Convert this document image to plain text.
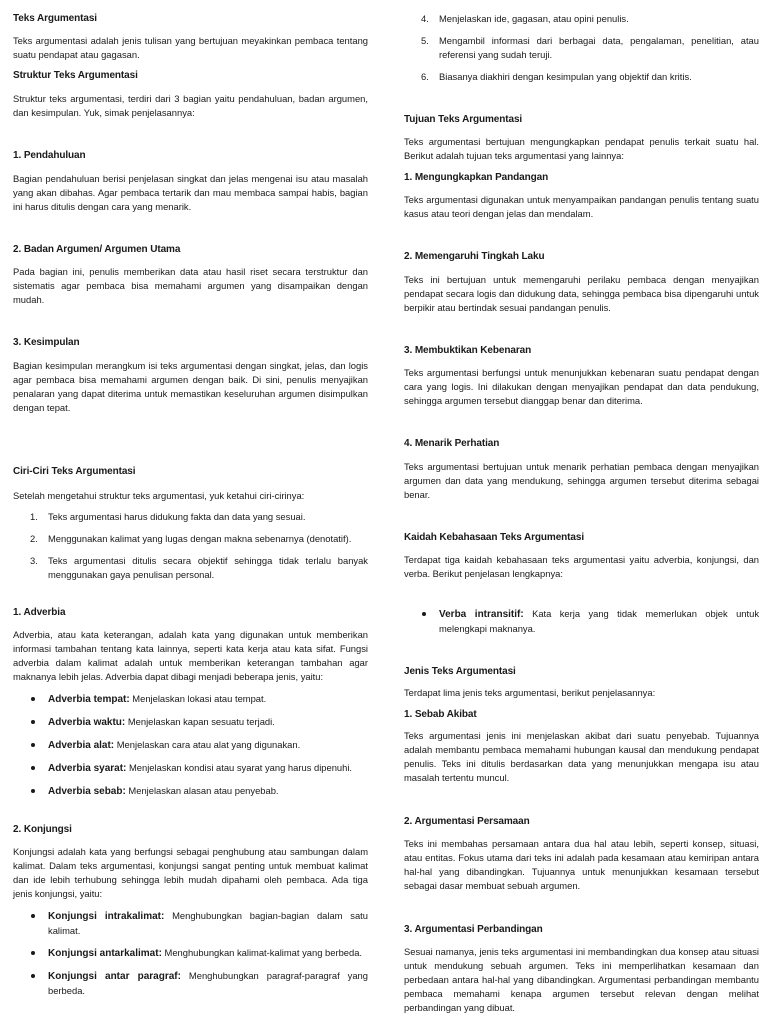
Teks Argumentasi

Teks argumentasi adalah jenis tulisan yang bertujuan meyakinkan pembaca tentang suatu pendapat atau gagasan.

Struktur Teks Argumentasi

Struktur teks argumentasi, terdiri dari 3 bagian yaitu pendahuluan, badan argumen, dan kesimpulan. Yuk, simak penjelasannya:

1. Pendahuluan

Bagian pendahuluan berisi penjelasan singkat dan jelas mengenai isu atau masalah yang akan dibahas. Agar pembaca tertarik dan mau membaca sampai habis, bagian ini harus ditulis dengan cara yang menarik.

2. Badan Argumen/ Argumen Utama

Pada bagian ini, penulis memberikan data atau hasil riset secara terstruktur dan sistematis agar pembaca bisa memahami argumen yang disampaikan dengan mudah.

3. Kesimpulan

Bagian kesimpulan merangkum isi teks argumentasi dengan singkat, jelas, dan logis agar pembaca bisa memahami argumen dengan baik. Di sini, penulis menyajikan penalaran yang dapat diterima untuk memastikan keseluruhan argumen disimpulkan dengan tepat.

Ciri-Ciri Teks Argumentasi

Setelah mengetahui struktur teks argumentasi, yuk ketahui ciri-cirinya:

1. Teks argumentasi harus didukung fakta dan data yang sesuai.
2. Menggunakan kalimat yang lugas dengan makna sebenarnya (denotatif).
3. Teks argumentasi ditulis secara objektif sehingga tidak terlalu banyak menggunakan gaya penulisan personal.
1. Adverbia

Adverbia, atau kata keterangan, adalah kata yang digunakan untuk memberikan informasi tambahan tentang kata lainnya, seperti kata kerja atau kata sifat. Fungsi adverbia dalam kalimat adalah untuk memberikan keterangan tambahan agar maknanya lebih jelas. Adverbia dapat dibagi menjadi beberapa jenis, yaitu:

Adverbia tempat: Menjelaskan lokasi atau tempat.
Adverbia waktu: Menjelaskan kapan sesuatu terjadi.
Adverbia alat: Menjelaskan cara atau alat yang digunakan.
Adverbia syarat: Menjelaskan kondisi atau syarat yang harus dipenuhi.
Adverbia sebab: Menjelaskan alasan atau penyebab.
2. Konjungsi

Konjungsi adalah kata yang berfungsi sebagai penghubung atau sambungan dalam kalimat. Dalam teks argumentasi, konjungsi sangat penting untuk membuat kalimat dan ide lebih terhubung sehingga lebih mudah dipahami oleh pembaca. Ada tiga jenis konjungsi, yaitu:

Konjungsi intrakalimat: Menghubungkan bagian-bagian dalam satu kalimat.
Konjungsi antarkalimat: Menghubungkan kalimat-kalimat yang berbeda.
Konjungsi antar paragraf: Menghubungkan paragraf-paragraf yang berbeda.
4. Menjelaskan ide, gagasan, atau opini penulis.
5. Mengambil informasi dari berbagai data, pengalaman, penelitian, atau referensi yang sudah teruji.
6. Biasanya diakhiri dengan kesimpulan yang objektif dan kritis.
Tujuan Teks Argumentasi

Teks argumentasi bertujuan mengungkapkan pendapat penulis terkait suatu hal. Berikut adalah tujuan teks argumentasi yang lainnya:

1. Mengungkapkan Pandangan

Teks argumentasi digunakan untuk menyampaikan pandangan penulis tentang suatu kasus atau teori dengan jelas dan mendalam.

2. Memengaruhi Tingkah Laku

Teks ini bertujuan untuk memengaruhi perilaku pembaca dengan menyajikan pendapat secara logis dan didukung data, sehingga pembaca bisa dipengaruhi untuk berpikir atau bertindak sesuai pandangan penulis.

3. Membuktikan Kebenaran

Teks argumentasi berfungsi untuk menunjukkan kebenaran suatu pendapat dengan cara yang logis. Ini dilakukan dengan menyajikan pendapat dan data pendukung, sehingga argumen tersebut dianggap benar dan diterima.

4. Menarik Perhatian

Teks argumentasi bertujuan untuk menarik perhatian pembaca dengan menyajikan argumen dan data yang mendukung, sehingga argumen tersebut diterima sebagai benar.

Kaidah Kebahasaan Teks Argumentasi

Terdapat tiga kaidah kebahasaan teks argumentasi yaitu adverbia, konjungsi, dan verba. Berikut penjelasan lengkapnya:

Verba intransitif: Kata kerja yang tidak memerlukan objek untuk melengkapi maknanya.
Jenis Teks Argumentasi

Terdapat lima jenis teks argumentasi, berikut penjelasannya:

1. Sebab Akibat

Teks argumentasi jenis ini menjelaskan akibat dari suatu penyebab. Tujuannya adalah membantu pembaca memahami hubungan kausal dan mendukung pendapat penulis. Teks ini ditulis berdasarkan data yang menunjukkan mengapa isu atau masalah tertentu muncul.

2. Argumentasi Persamaan

Teks ini membahas persamaan antara dua hal atau lebih, seperti konsep, situasi, atau entitas. Fokus utama dari teks ini adalah pada kesamaan atau kemiripan antara hal-hal yang dibandingkan. Tujuannya untuk menunjukkan kesamaan tersebut sebagai dasar membuat sebuah argumen.

3. Argumentasi Perbandingan

Sesuai namanya, jenis teks argumentasi ini membandingkan dua konsep atau situasi untuk mendukung sebuah argumen. Teks ini memperlihatkan kesamaan dan perbedaan antara hal-hal yang dibandingkan. Argumentasi perbandingan membantu pembaca memahami kenapa argumen tersebut relevan dengan melihat perbandingan yang dibuat.
